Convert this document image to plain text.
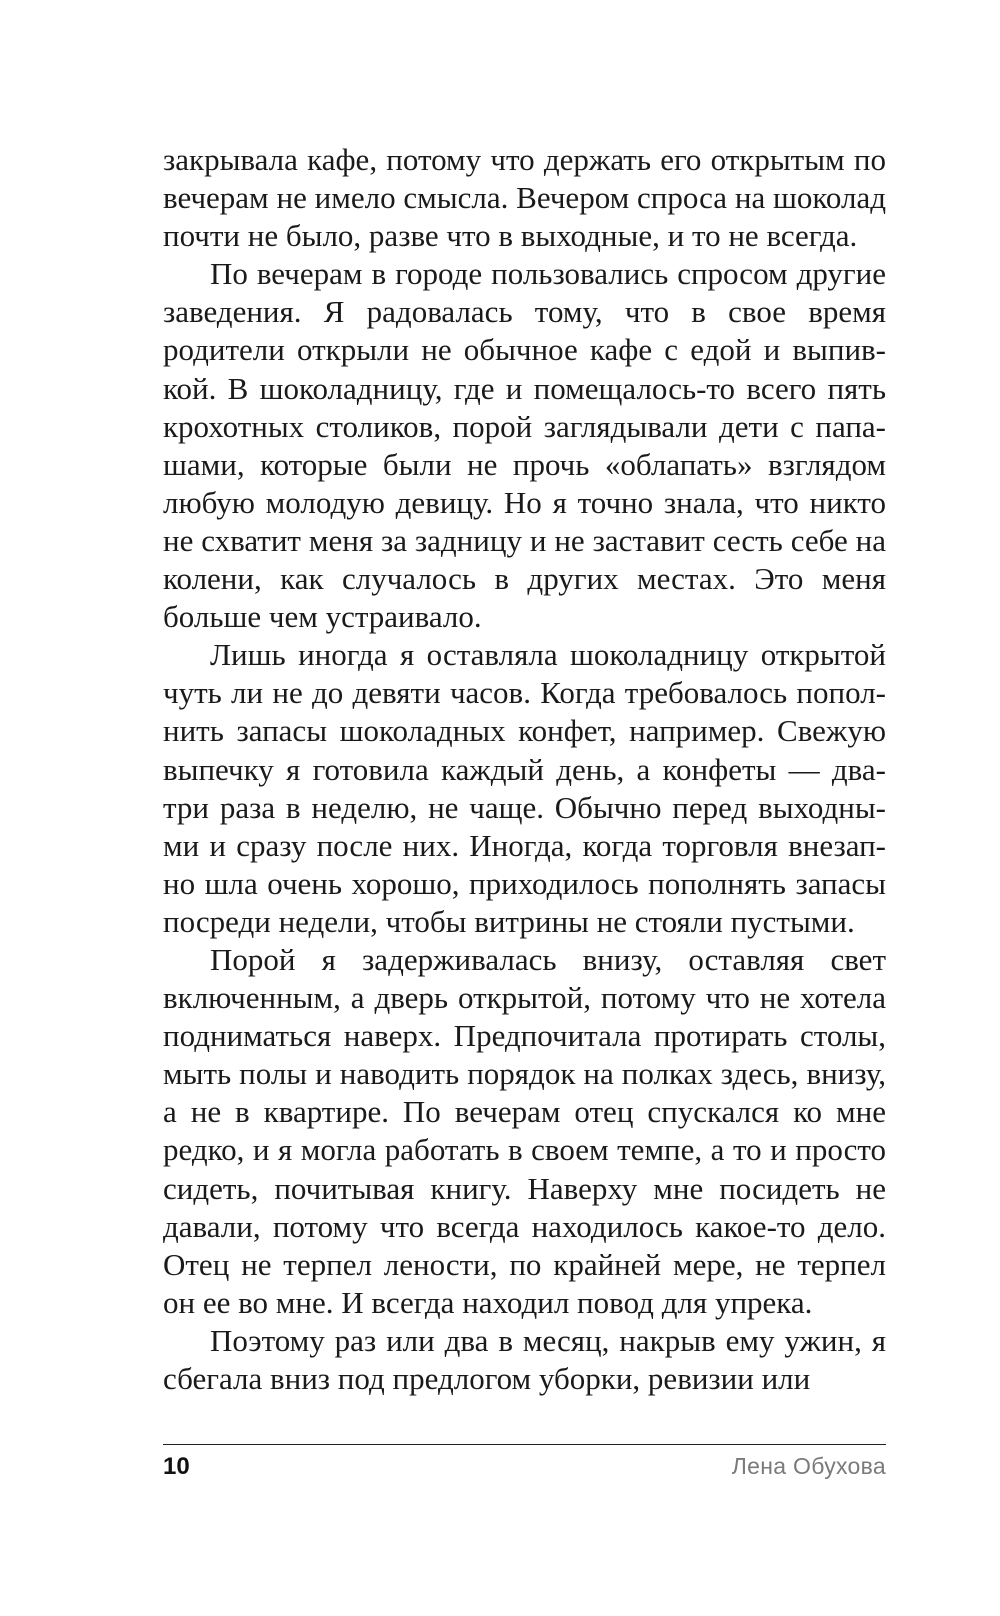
закрывала кафе, потому что держать его открытым по вечерам не имело смысла. Вечером спроса на шоколад почти не было, разве что в выходные, и то не всегда.

По вечерам в городе пользовались спросом другие заведения. Я радовалась тому, что в свое время родители открыли не обычное кафе с едой и выпивкой. В шоколадницу, где и помещалось-то всего пять крохотных столиков, порой заглядывали дети с папашами, которые были не прочь «облапать» взглядом любую молодую девицу. Но я точно знала, что никто не схватит меня за задницу и не заставит сесть себе на колени, как случалось в других местах. Это меня больше чем устраивало.

Лишь иногда я оставляла шоколадницу открытой чуть ли не до девяти часов. Когда требовалось пополнить запасы шоколадных конфет, например. Свежую выпечку я готовила каждый день, а конфеты — два-три раза в неделю, не чаще. Обычно перед выходными и сразу после них. Иногда, когда торговля внезапно шла очень хорошо, приходилось пополнять запасы посреди недели, чтобы витрины не стояли пустыми.

Порой я задерживалась внизу, оставляя свет включенным, а дверь открытой, потому что не хотела подниматься наверх. Предпочитала протирать столы, мыть полы и наводить порядок на полках здесь, внизу, а не в квартире. По вечерам отец спускался ко мне редко, и я могла работать в своем темпе, а то и просто сидеть, почитывая книгу. Наверху мне посидеть не давали, потому что всегда находилось какое-то дело. Отец не терпел лености, по крайней мере, не терпел он ее во мне. И всегда находил повод для упрека.

Поэтому раз или два в месяц, накрыв ему ужин, я сбегала вниз под предлогом уборки, ревизии или

10	Лена Обухова
